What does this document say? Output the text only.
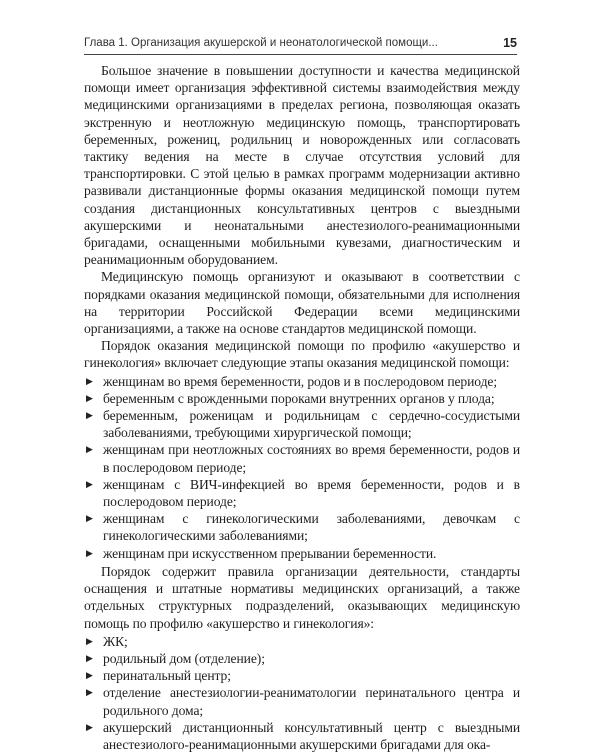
Глава 1. Организация акушерской и неонатологической помощи...	15

Большое значение в повышении доступности и качества медицинской помощи имеет организация эффективной системы взаимодействия между медицинскими организациями в пределах региона, позволяющая оказать экстренную и неотложную медицинскую помощь, транспортировать беременных, рожениц, родильниц и новорожденных или согласовать тактику ведения на месте в случае отсутствия условий для транспортировки. С этой целью в рамках программ модернизации активно развивали дистанционные формы оказания медицинской помощи путем создания дистанционных консультативных центров с выездными акушерскими и неонатальными анестезиолого-реанимационными бригадами, оснащенными мобильными кувезами, диагностическим и реанимационным оборудованием.

Медицинскую помощь организуют и оказывают в соответствии с порядками оказания медицинской помощи, обязательными для исполнения на территории Российской Федерации всеми медицинскими организациями, а также на основе стандартов медицинской помощи.

Порядок оказания медицинской помощи по профилю «акушерство и гинекология» включает следующие этапы оказания медицинской помощи:

▶ женщинам во время беременности, родов и в послеродовом периоде;
▶ беременным с врожденными пороками внутренних органов у плода;
▶ беременным, роженицам и родильницам с сердечно-сосудистыми заболеваниями, требующими хирургической помощи;
▶ женщинам при неотложных состояниях во время беременности, родов и в послеродовом периоде;
▶ женщинам с ВИЧ-инфекцией во время беременности, родов и в послеродовом периоде;
▶ женщинам с гинекологическими заболеваниями, девочкам с гинекологическими заболеваниями;
▶ женщинам при искусственном прерывании беременности.

Порядок содержит правила организации деятельности, стандарты оснащения и штатные нормативы медицинских организаций, а также отдельных структурных подразделений, оказывающих медицинскую помощь по профилю «акушерство и гинекология»:

▶ ЖК;
▶ родильный дом (отделение);
▶ перинатальный центр;
▶ отделение анестезиологии-реаниматологии перинатального центра и родильного дома;
▶ акушерский дистанционный консультативный центр с выездными анестезиолого-реанимационными акушерскими бригадами для ока-
